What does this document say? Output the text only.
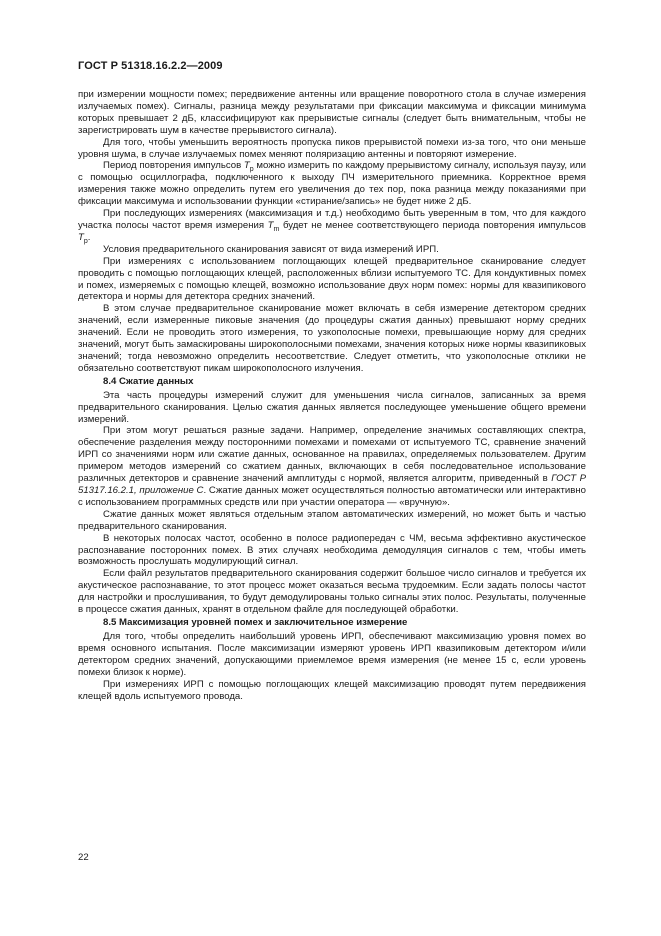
ГОСТ Р 51318.16.2.2—2009

при измерении мощности помех; передвижение антенны или вращение поворотного стола в случае измерения излучаемых помех). Сигналы, разница между результатами при фиксации максимума и фиксации минимума которых превышает 2 дБ, классифицируют как прерывистые сигналы (следует быть внимательным, чтобы не зарегистрировать шум в качестве прерывистого сигнала).

Для того, чтобы уменьшить вероятность пропуска пиков прерывистой помехи из-за того, что они меньше уровня шума, в случае излучаемых помех меняют поляризацию антенны и повторяют измерение.

Период повторения импульсов $T_p$ можно измерить по каждому прерывистому сигналу, используя паузу, или с помощью осциллографа, подключенного к выходу ПЧ измерительного приемника. Корректное время измерения также можно определить путем его увеличения до тех пор, пока разница между показаниями при фиксации максимума и использовании функции «стирание/запись» не будет ниже 2 дБ.

При последующих измерениях (максимизация и т.д.) необходимо быть уверенным в том, что для каждого участка полосы частот время измерения $T_m$ будет не менее соответствующего периода повторения импульсов $T_p$.

Условия предварительного сканирования зависят от вида измерений ИРП.

При измерениях с использованием поглощающих клещей предварительное сканирование следует проводить с помощью поглощающих клещей, расположенных вблизи испытуемого ТС. Для кондуктивных помех и помех, измеряемых с помощью клещей, возможно использование двух норм помех: нормы для квазипикового детектора и нормы для детектора средних значений.

В этом случае предварительное сканирование может включать в себя измерение детектором средних значений, если измеренные пиковые значения (до процедуры сжатия данных) превышают норму средних значений. Если не проводить этого измерения, то узкополосные помехи, превышающие норму для средних значений, могут быть замаскированы широкополосными помехами, значения которых ниже нормы квазипиковых значений; тогда невозможно определить несоответствие. Следует отметить, что узкополосные отклики не обязательно соответствуют пикам широкополосного излучения.

8.4 Сжатие данных

Эта часть процедуры измерений служит для уменьшения числа сигналов, записанных за время предварительного сканирования. Целью сжатия данных является последующее уменьшение общего времени измерений.

При этом могут решаться разные задачи. Например, определение значимых составляющих спектра, обеспечение разделения между посторонними помехами и помехами от испытуемого ТС, сравнение значений ИРП со значениями норм или сжатие данных, основанное на правилах, определяемых пользователем. Другим примером методов измерений со сжатием данных, включающих в себя последовательное использование различных детекторов и сравнение значений амплитуды с нормой, является алгоритм, приведенный в ГОСТ Р 51317.16.2.1, приложение С. Сжатие данных может осуществляться полностью автоматически или интерактивно с использованием программных средств или при участии оператора — «вручную».

Сжатие данных может являться отдельным этапом автоматических измерений, но может быть и частью предварительного сканирования.

В некоторых полосах частот, особенно в полосе радиопередач с ЧМ, весьма эффективно акустическое распознавание посторонних помех. В этих случаях необходима демодуляция сигналов с тем, чтобы иметь возможность прослушать модулирующий сигнал.

Если файл результатов предварительного сканирования содержит большое число сигналов и требуется их акустическое распознавание, то этот процесс может оказаться весьма трудоемким. Если задать полосы частот для настройки и прослушивания, то будут демодулированы только сигналы этих полос. Результаты, полученные в процессе сжатия данных, хранят в отдельном файле для последующей обработки.

8.5 Максимизация уровней помех и заключительное измерение

Для того, чтобы определить наибольший уровень ИРП, обеспечивают максимизацию уровня помех во время основного испытания. После максимизации измеряют уровень ИРП квазипиковым детектором и/или детектором средних значений, допускающими приемлемое время измерения (не менее 15 с, если уровень помехи близок к норме).

При измерениях ИРП с помощью поглощающих клещей максимизацию проводят путем передвижения клещей вдоль испытуемого провода.

22
